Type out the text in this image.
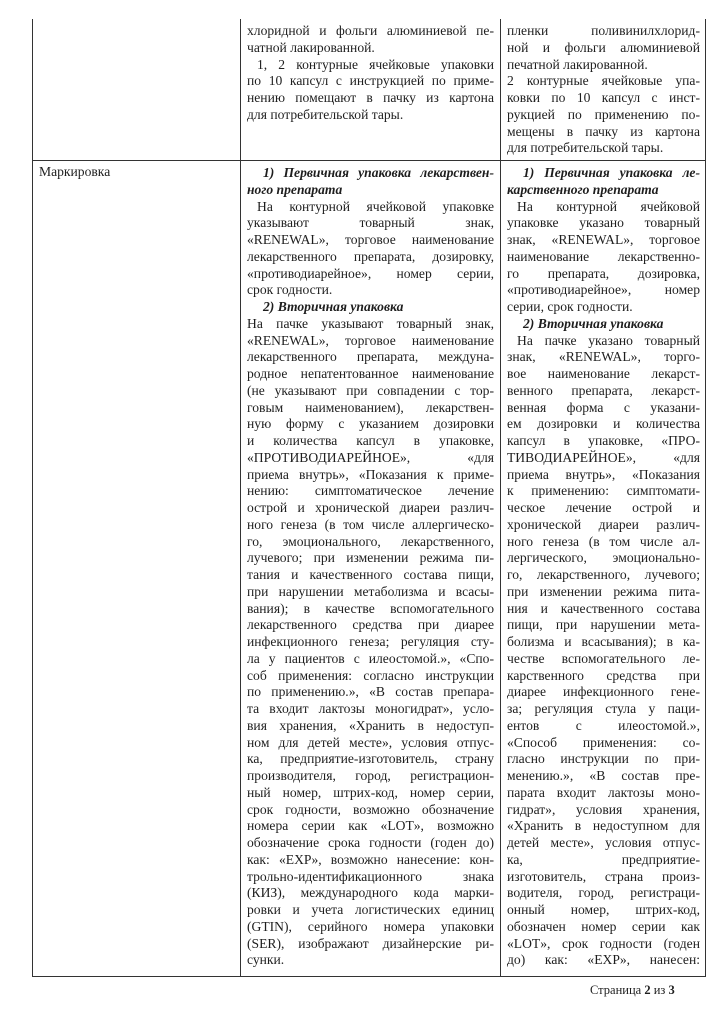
хлоридной и фольги алюминиевой пе-
чатной лакированной.
1, 2 контурные ячейковые упаковки
по 10 капсул с инструкцией по приме-
нению помещают в пачку из картона
для потребительской тары.
пленки поливинилхлорид-
ной и фольги алюминиевой
печатной лакированной.
2 контурные ячейковые упа-
ковки по 10 капсул с инст-
рукцией по применению по-
мещены в пачку из картона
для потребительской тары.
Маркировка	1) Первичная упаковка лекарствен-
ного препарата
На контурной ячейковой упаковке
указывают товарный знак,
«RENEWAL», торговое наименование
лекарственного препарата, дозировку,
«противодиарейное», номер серии,
срок годности.
2) Вторичная упаковка
На пачке указывают товарный знак,
«RENEWAL», торговое наименование
лекарственного препарата, междуна-
родное непатентованное наименование
(не указывают при совпадении с тор-
говым наименованием), лекарствен-
ную форму с указанием дозировки
и количества капсул в упаковке,
«ПРОТИВОДИАРЕЙНОЕ», «для
приема внутрь», «Показания к приме-
нению: симптоматическое лечение
острой и хронической диареи различ-
ного генеза (в том числе аллергическо-
го, эмоционального, лекарственного,
лучевого; при изменении режима пи-
тания и качественного состава пищи,
при нарушении метаболизма и всасы-
вания); в качестве вспомогательного
лекарственного средства при диарее
инфекционного генеза; регуляция сту-
ла у пациентов с илеостомой.», «Спо-
соб применения: согласно инструкции
по применению.», «В состав препара-
та входит лактозы моногидрат», усло-
вия хранения, «Хранить в недоступ-
ном для детей месте», условия отпус-
ка, предприятие-изготовитель, страну
производителя, город, регистрацион-
ный номер, штрих-код, номер серии,
срок годности, возможно обозначение
номера серии как «LOT», возможно
обозначение срока годности (годен до)
как: «EXP», возможно нанесение: кон-
трольно-идентификационного знака
(КИЗ), международного кода марки-
ровки и учета логистических единиц
(GTIN), серийного номера упаковки
(SER), изображают дизайнерские ри-
сунки.
1) Первичная упаковка ле-
карственного препарата
На контурной ячейковой
упаковке указано товарный
знак, «RENEWAL», торговое
наименование лекарственно-
го препарата, дозировка,
«противодиарейное», номер
серии, срок годности.
2) Вторичная упаковка
На пачке указано товарный
знак, «RENEWAL», торго-
вое наименование лекарст-
венного препарата, лекарст-
венная форма с указани-
ем дозировки и количества
капсул в упаковке, «ПРО-
ТИВОДИАРЕЙНОЕ», «для
приема внутрь», «Показания
к применению: симптомати-
ческое лечение острой и
хронической диареи различ-
ного генеза (в том числе ал-
лергического, эмоционально-
го, лекарственного, лучевого;
при изменении режима пита-
ния и качественного состава
пищи, при нарушении мета-
болизма и всасывания); в ка-
честве вспомогательного ле-
карственного средства при
диарее инфекционного гене-
за; регуляция стула у паци-
ентов с илеостомой.»,
«Способ применения: со-
гласно инструкции по при-
менению.», «В состав пре-
парата входит лактозы моно-
гидрат», условия хранения,
«Хранить в недоступном для
детей месте», условия отпус-
ка, предприятие-
изготовитель, страна произ-
водителя, город, регистраци-
онный номер, штрих-код,
обозначен номер серии как
«LOT», срок годности (годен
до) как: «EXP», нанесен:
Страница 2 из 3
